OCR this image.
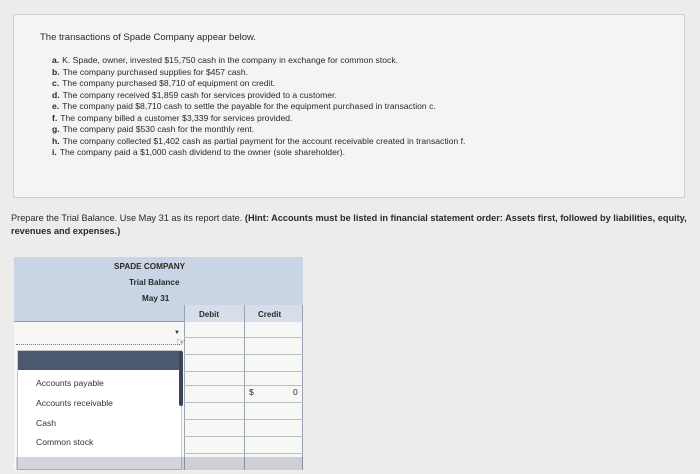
The transactions of Spade Company appear below.
a. K. Spade, owner, invested $15,750 cash in the company in exchange for common stock.
b. The company purchased supplies for $457 cash.
c. The company purchased $8,710 of equipment on credit.
d. The company received $1,859 cash for services provided to a customer.
e. The company paid $8,710 cash to settle the payable for the equipment purchased in transaction c.
f. The company billed a customer $3,339 for services provided.
g. The company paid $530 cash for the monthly rent.
h. The company collected $1,402 cash as partial payment for the account receivable created in transaction f.
i. The company paid a $1,000 cash dividend to the owner (sole shareholder).
Prepare the Trial Balance. Use May 31 as its report date. (Hint: Accounts must be listed in financial statement order: Assets first, followed by liabilities, equity, revenues and expenses.)
SPADE COMPANY
Trial Balance
May 31
Debit	Credit
▼
Accounts payable
Accounts receivable
Cash
Common stock
☞
$	0
